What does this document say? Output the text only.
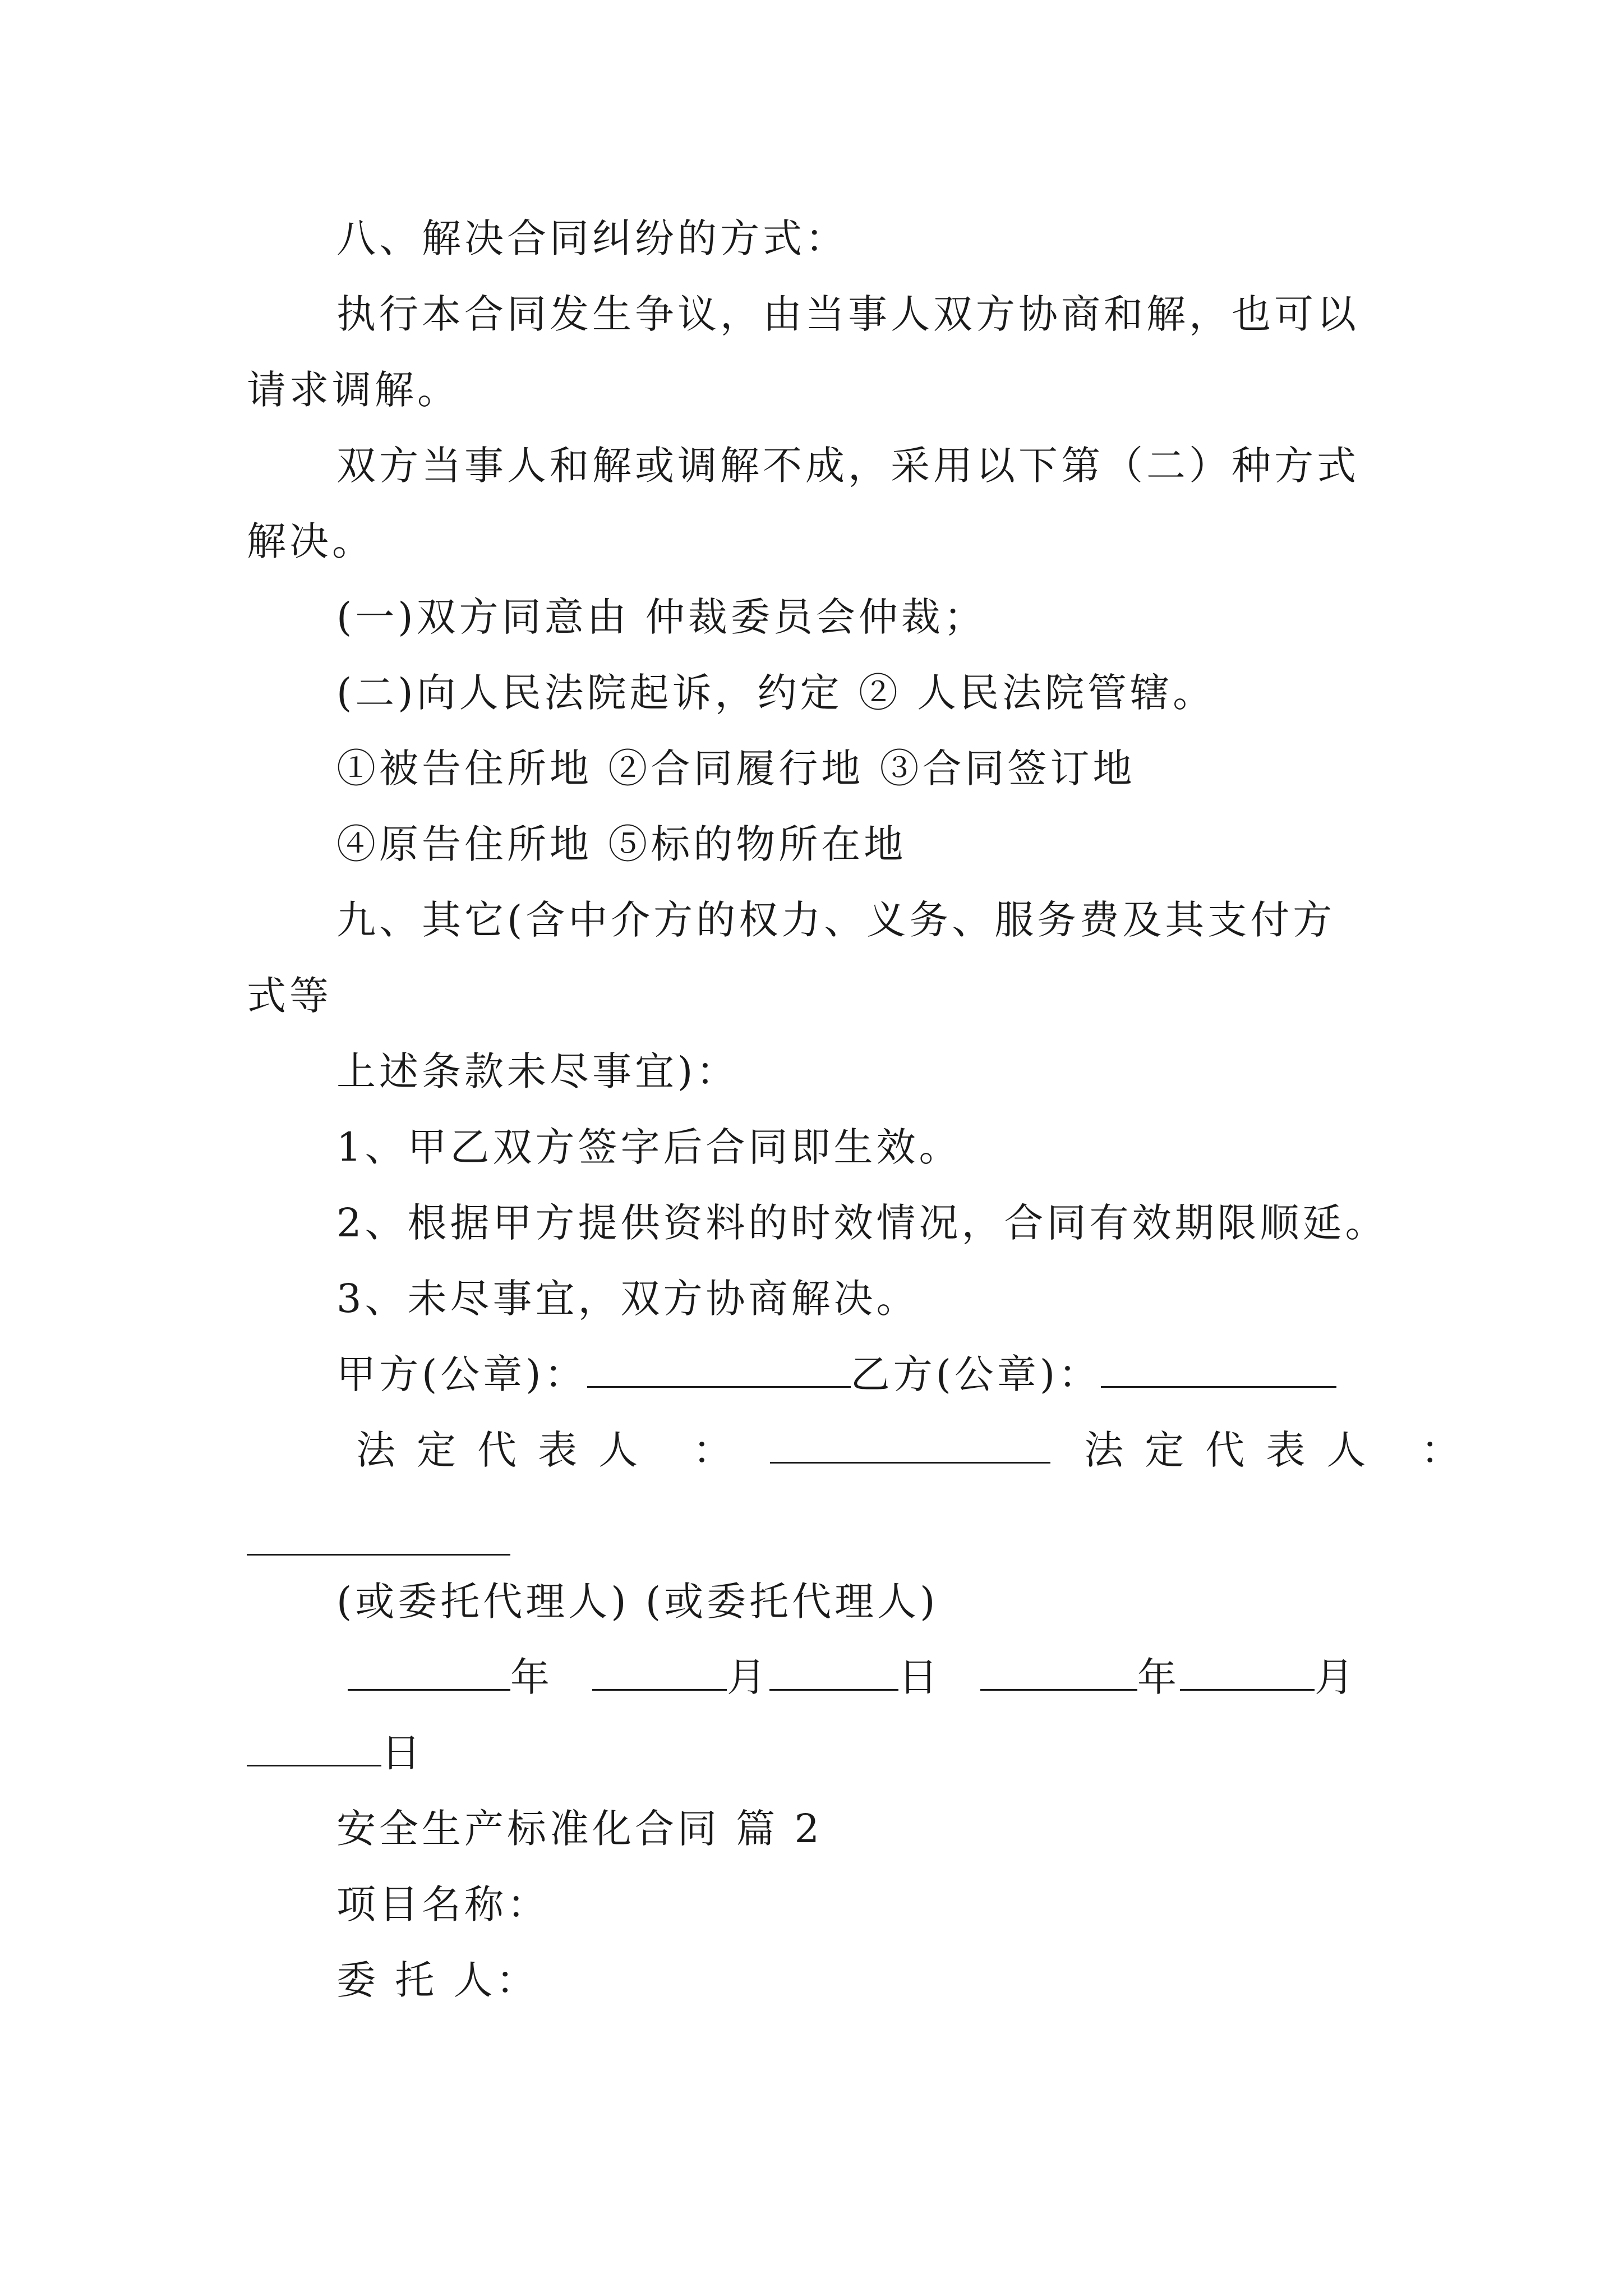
八、解决合同纠纷的方式：
执行本合同发生争议，由当事人双方协商和解，也可以
请求调解。
双方当事人和解或调解不成，采用以下第（二）种方式
解决。
(一)双方同意由 仲裁委员会仲裁；
(二)向人民法院起诉，约定 ② 人民法院管辖。
①被告住所地 ②合同履行地 ③合同签订地
④原告住所地 ⑤标的物所在地
九、其它(含中介方的权力、义务、服务费及其支付方
式等
上述条款未尽事宜)：
1、甲乙双方签字后合同即生效。
2、根据甲方提供资料的时效情况，合同有效期限顺延。
3、未尽事宜，双方协商解决。
甲方(公章)：	乙方(公章)：
法定代表人 ：	法定代表人 ：
(或委托代理人) (或委托代理人)
年	月	日	年	月
日
安全生产标准化合同 篇 2
项目名称：
委 托 人：
